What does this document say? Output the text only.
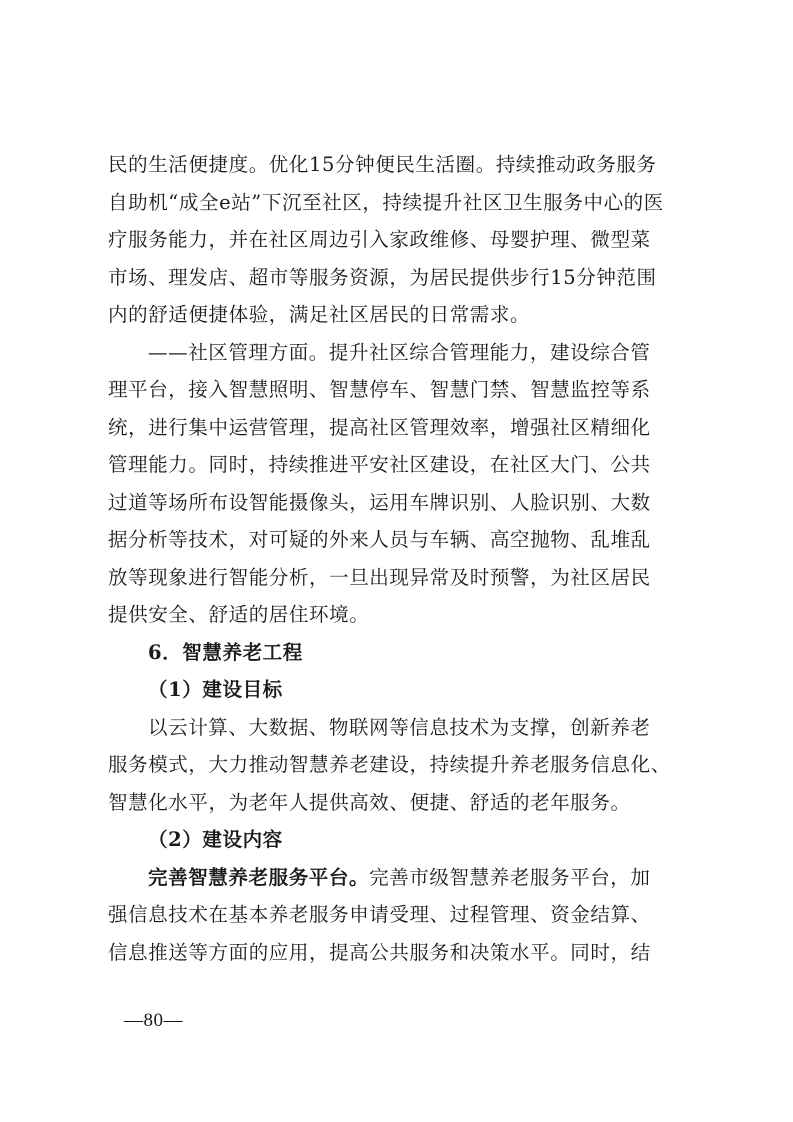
民的生活便捷度。优化15分钟便民生活圈。持续推动政务服务
自助机“成全e站”下沉至社区，持续提升社区卫生服务中心的医
疗服务能力，并在社区周边引入家政维修、母婴护理、微型菜
市场、理发店、超市等服务资源，为居民提供步行15分钟范围
内的舒适便捷体验，满足社区居民的日常需求。
——社区管理方面。提升社区综合管理能力，建设综合管
理平台，接入智慧照明、智慧停车、智慧门禁、智慧监控等系
统，进行集中运营管理，提高社区管理效率，增强社区精细化
管理能力。同时，持续推进平安社区建设，在社区大门、公共
过道等场所布设智能摄像头，运用车牌识别、人脸识别、大数
据分析等技术，对可疑的外来人员与车辆、高空抛物、乱堆乱
放等现象进行智能分析，一旦出现异常及时预警，为社区居民
提供安全、舒适的居住环境。
6．智慧养老工程
（1）建设目标
以云计算、大数据、物联网等信息技术为支撑，创新养老
服务模式，大力推动智慧养老建设，持续提升养老服务信息化、
智慧化水平，为老年人提供高效、便捷、舒适的老年服务。
（2）建设内容
完善智慧养老服务平台。完善市级智慧养老服务平台，加
强信息技术在基本养老服务申请受理、过程管理、资金结算、
信息推送等方面的应用，提高公共服务和决策水平。同时，结
—80—
